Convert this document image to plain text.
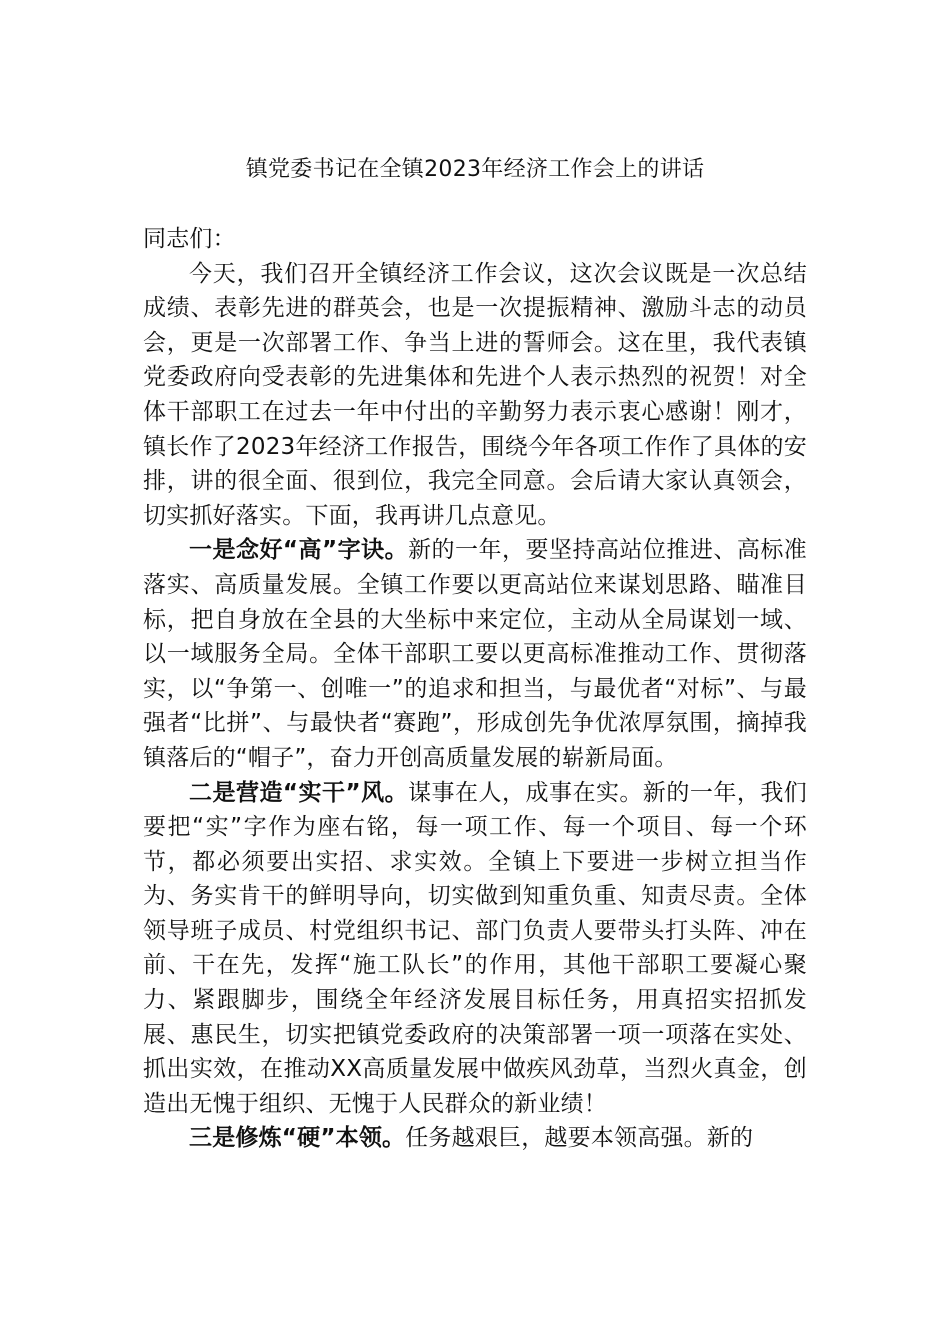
镇党委书记在全镇2023年经济工作会上的讲话

同志们：

今天，我们召开全镇经济工作会议，这次会议既是一次总结成绩、表彰先进的群英会，也是一次提振精神、激励斗志的动员会，更是一次部署工作、争当上进的誓师会。这在里，我代表镇党委政府向受表彰的先进集体和先进个人表示热烈的祝贺！对全体干部职工在过去一年中付出的辛勤努力表示衷心感谢！刚才，镇长作了2023年经济工作报告，围绕今年各项工作作了具体的安排，讲的很全面、很到位，我完全同意。会后请大家认真领会，切实抓好落实。下面，我再讲几点意见。

一是念好“高”字诀。新的一年，要坚持高站位推进、高标准落实、高质量发展。全镇工作要以更高站位来谋划思路、瞄准目标，把自身放在全县的大坐标中来定位，主动从全局谋划一域、以一域服务全局。全体干部职工要以更高标准推动工作、贯彻落实，以“争第一、创唯一”的追求和担当，与最优者“对标”、与最强者“比拼”、与最快者“赛跑”，形成创先争优浓厚氛围，摘掉我镇落后的“帽子”，奋力开创高质量发展的崭新局面。

二是营造“实干”风。谋事在人，成事在实。新的一年，我们要把“实”字作为座右铭，每一项工作、每一个项目、每一个环节，都必须要出实招、求实效。全镇上下要进一步树立担当作为、务实肯干的鲜明导向，切实做到知重负重、知责尽责。全体领导班子成员、村党组织书记、部门负责人要带头打头阵、冲在前、干在先，发挥“施工队长”的作用，其他干部职工要凝心聚力、紧跟脚步，围绕全年经济发展目标任务，用真招实招抓发展、惠民生，切实把镇党委政府的决策部署一项一项落在实处、抓出实效，在推动XX高质量发展中做疾风劲草，当烈火真金，创造出无愧于组织、无愧于人民群众的新业绩！

三是修炼“硬”本领。任务越艰巨，越要本领高强。新的
